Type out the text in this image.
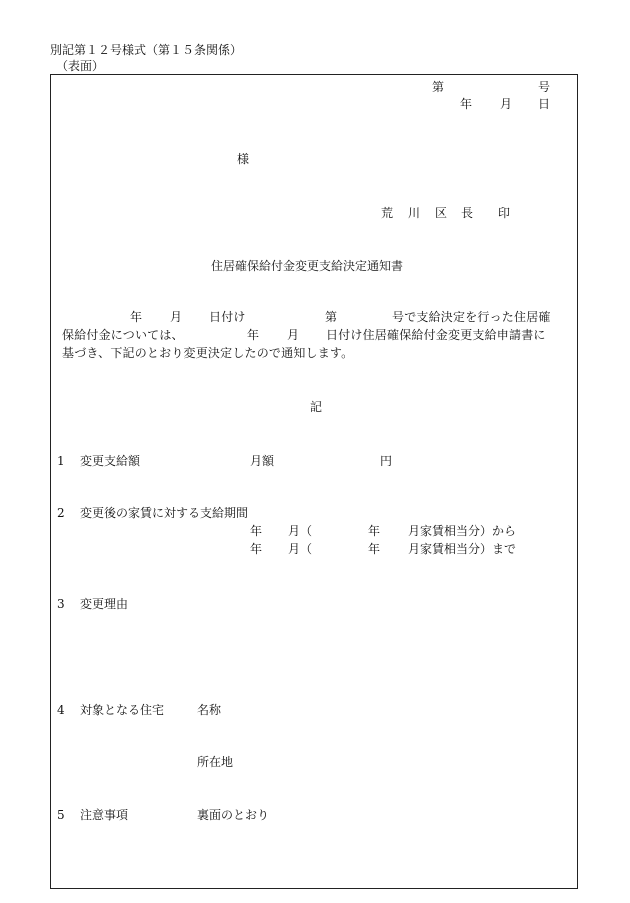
別記第１２号様式（第１５条関係）
（表面）
第	号
年 月 日
様
荒 川 区 長 印
住居確保給付金変更支給決定通知書
年 月 日付け	第	号で支給決定を行った住居確
保給付金については、	年 月 日付け住居確保給付金変更支給申請書に
基づき、下記のとおり変更決定したので通知します。
記
1 変更支給額	月額	円
2 変更後の家賃に対する支給期間
年 月（	年 月家賃相当分）から
年 月（	年 月家賃相当分）まで
3 変更理由
4 対象となる住宅	名称
所在地
5 注意事項	裏面のとおり
